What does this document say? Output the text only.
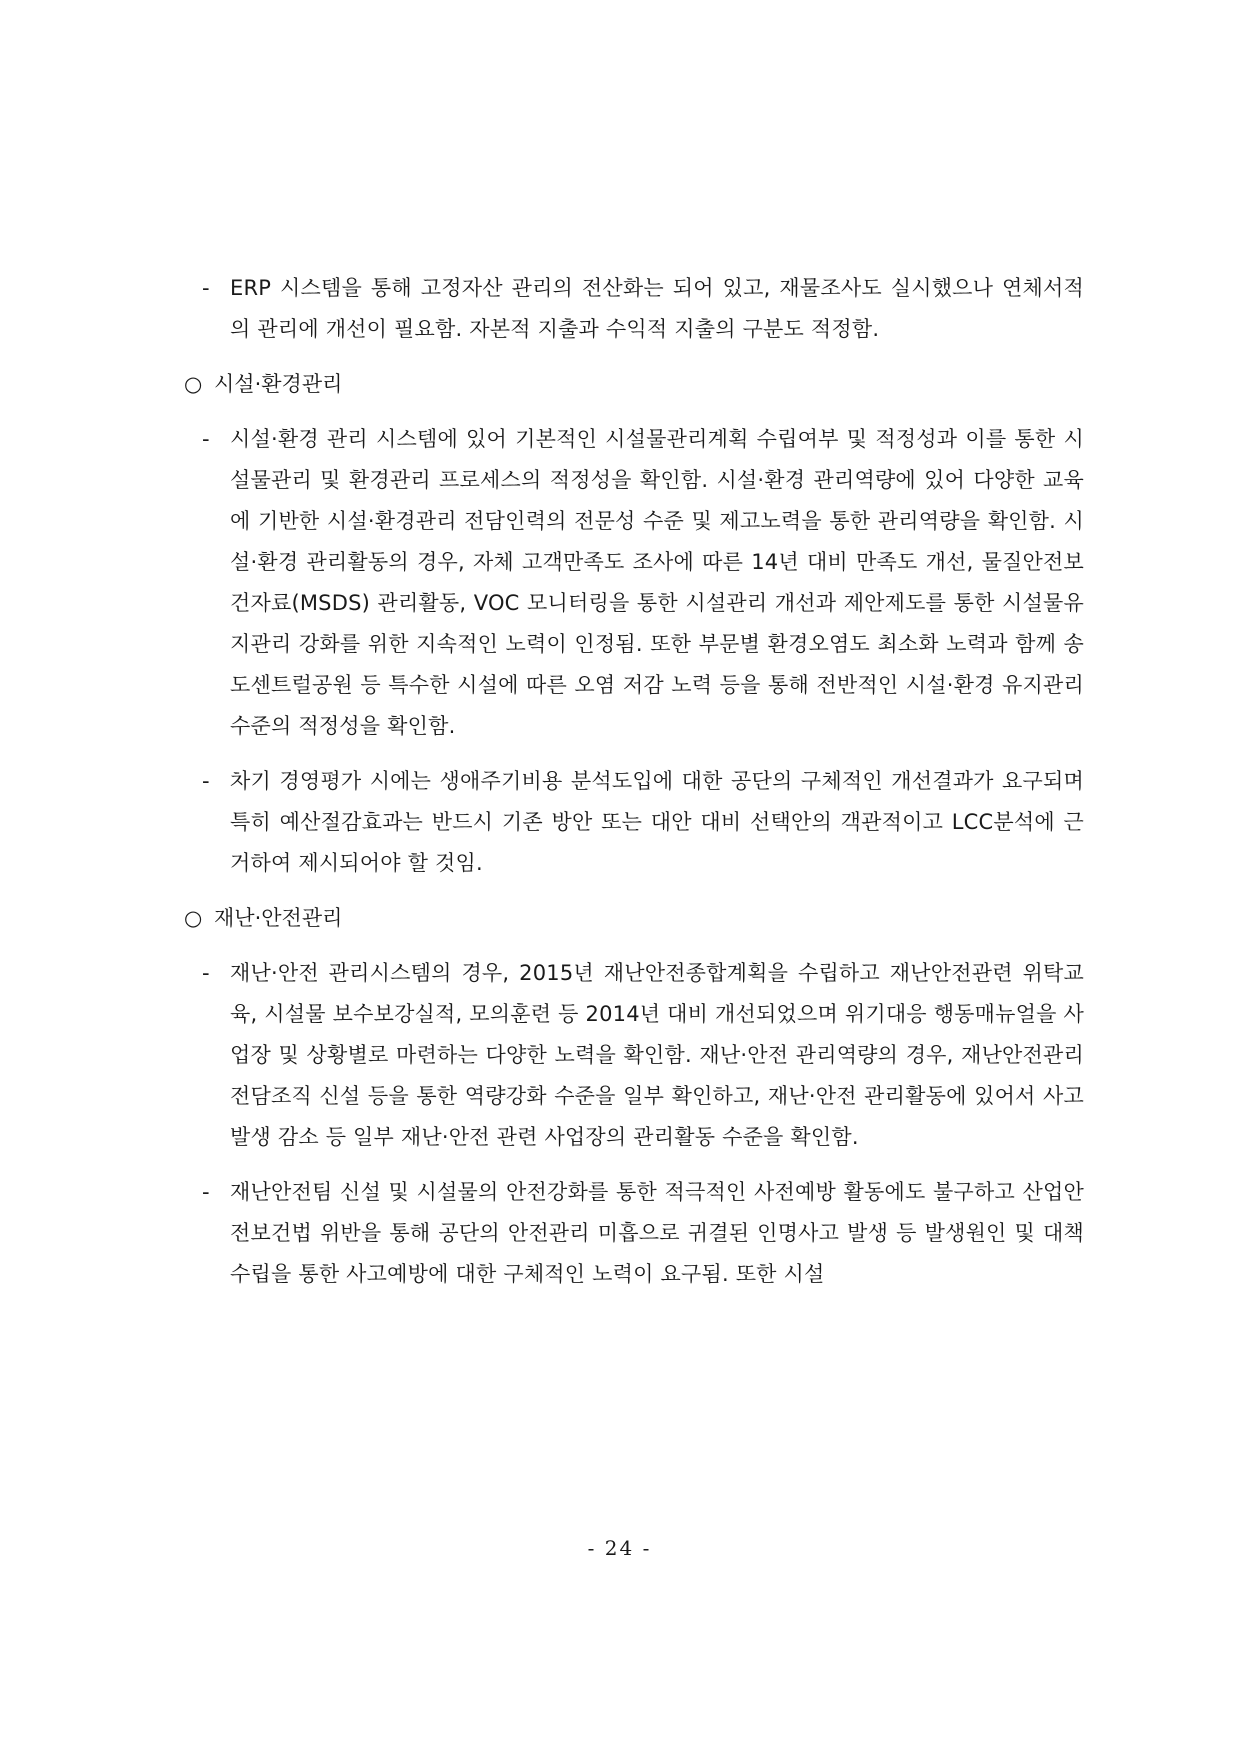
- ERP 시스템을 통해 고정자산 관리의 전산화는 되어 있고, 재물조사도 실시했으나 연체서적의 관리에 개선이 필요함. 자본적 지출과 수익적 지출의 구분도 적정함.
○ 시설·환경관리
- 시설·환경 관리 시스템에 있어 기본적인 시설물관리계획 수립여부 및 적정성과 이를 통한 시설물관리 및 환경관리 프로세스의 적정성을 확인함. 시설·환경 관리역량에 있어 다양한 교육에 기반한 시설·환경관리 전담인력의 전문성 수준 및 제고노력을 통한 관리역량을 확인함. 시설·환경 관리활동의 경우, 자체 고객만족도 조사에 따른 14년 대비 만족도 개선, 물질안전보건자료(MSDS) 관리활동, VOC 모니터링을 통한 시설관리 개선과 제안제도를 통한 시설물유지관리 강화를 위한 지속적인 노력이 인정됨. 또한 부문별 환경오염도 최소화 노력과 함께 송도센트럴공원 등 특수한 시설에 따른 오염 저감 노력 등을 통해 전반적인 시설·환경 유지관리 수준의 적정성을 확인함.
- 차기 경영평가 시에는 생애주기비용 분석도입에 대한 공단의 구체적인 개선결과가 요구되며 특히 예산절감효과는 반드시 기존 방안 또는 대안 대비 선택안의 객관적이고 LCC분석에 근거하여 제시되어야 할 것임.
○ 재난·안전관리
- 재난·안전 관리시스템의 경우, 2015년 재난안전종합계획을 수립하고 재난안전관련 위탁교육, 시설물 보수보강실적, 모의훈련 등 2014년 대비 개선되었으며 위기대응 행동매뉴얼을 사업장 및 상황별로 마련하는 다양한 노력을 확인함. 재난·안전 관리역량의 경우, 재난안전관리 전담조직 신설 등을 통한 역량강화 수준을 일부 확인하고, 재난·안전 관리활동에 있어서 사고발생 감소 등 일부 재난·안전 관련 사업장의 관리활동 수준을 확인함.
- 재난안전팀 신설 및 시설물의 안전강화를 통한 적극적인 사전예방 활동에도 불구하고 산업안전보건법 위반을 통해 공단의 안전관리 미흡으로 귀결된 인명사고 발생 등 발생원인 및 대책수립을 통한 사고예방에 대한 구체적인 노력이 요구됨. 또한 시설
- 24 -
